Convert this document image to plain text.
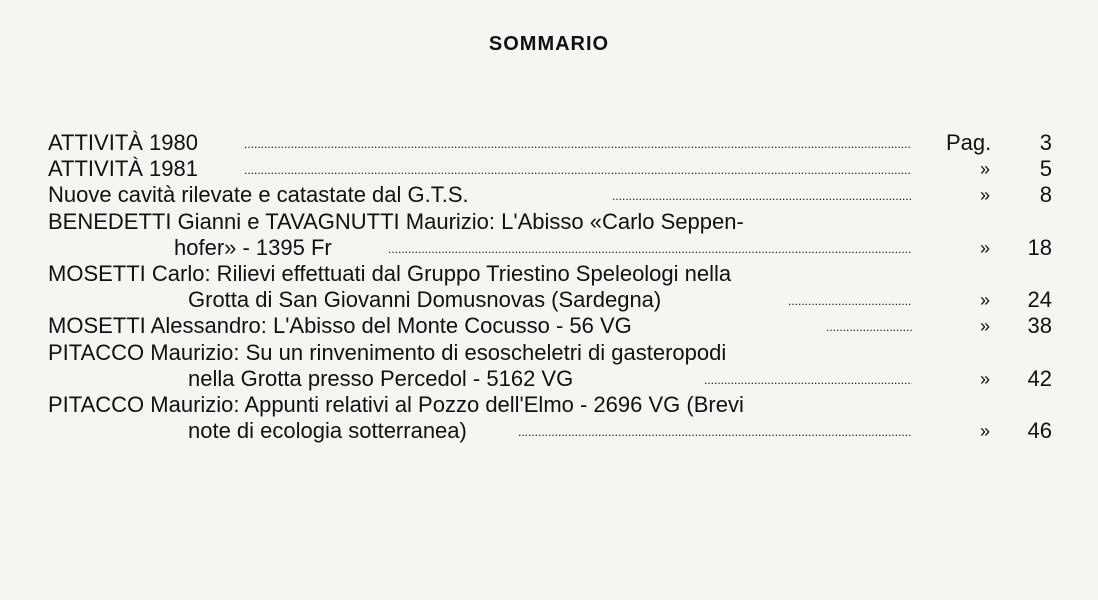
SOMMARIO
ATTIVITÀ 1980 .....	Pag.	3
ATTIVITÀ 1981 .....	»	5
Nuove cavità rilevate e catastate dal G.T.S. .....	»	8
BENEDETTI Gianni e TAVAGNUTTI Maurizio: L'Abisso «Carlo Seppen-
hofer» - 1395 Fr .....	»	18
MOSETTI Carlo: Rilievi effettuati dal Gruppo Triestino Speleologi nella
Grotta di San Giovanni Domusnovas (Sardegna) .....	»	24
MOSETTI Alessandro: L'Abisso del Monte Cocusso - 56 VG .....	»	38
PITACCO Maurizio: Su un rinvenimento di esoscheletri di gasteropodi
nella Grotta presso Percedol - 5162 VG .....	»	42
PITACCO Maurizio: Appunti relativi al Pozzo dell'Elmo - 2696 VG (Brevi
note di ecologia sotterranea) .....	»	46
